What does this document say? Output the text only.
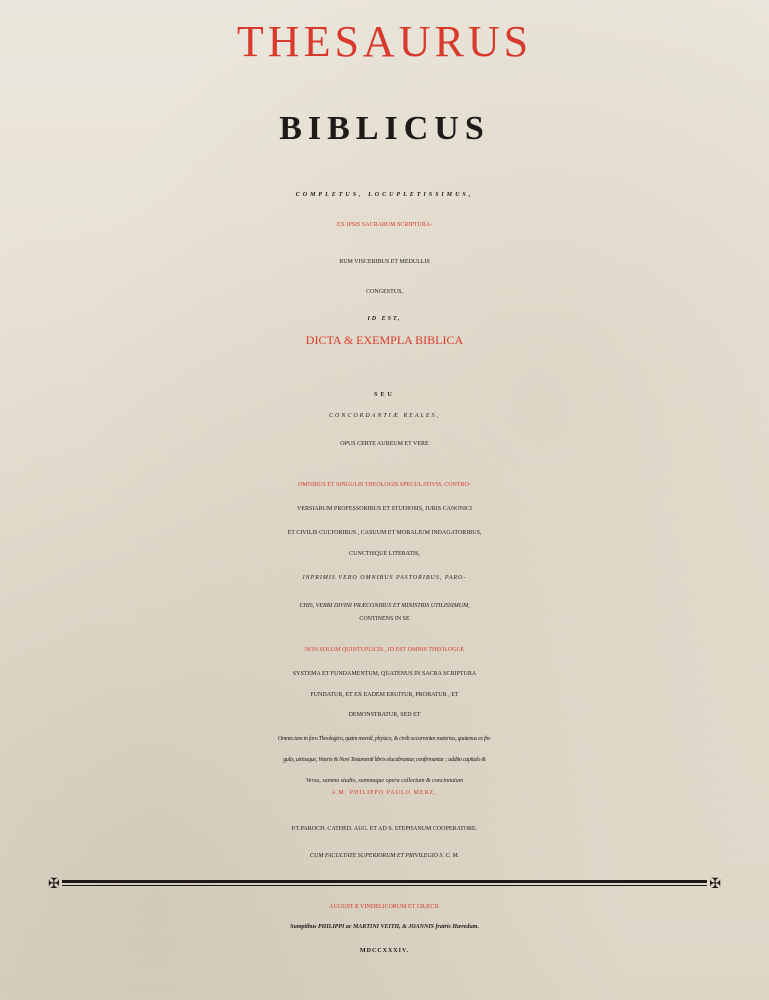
THESAURUS

BIBLICUS

COMPLETUS, LOCUPLETISSIMUS,

EX IPSIS SACRARUM SCRIPTURA-

RUM VISCERIBUS ET MEDULLIS

CONGESTUS,

ID EST,

DICTA & EXEMPLA BIBLICA

SEU

CONCORDANTIÆ REALES,

OPUS CERTE AUREUM ET VERE

OMNIBUS ET SINGULIS THEOLOGIS SPECULATIVIS, CONTRO-

VERSIARUM PROFESSORIBUS ET STUDIOSIS, JURIS CANONICI

ET CIVILIS CULTORIBUS , CASUUM ET MORALIUM INDAGATORIBUS,

CUNCTISQUE LITERATIS,

INPRIMIS VERO OMNIBUS PASTORIBUS, PARO-

CHIS, VERBI DIVINI PRÆCONIBUS ET MINISTRIS UTILISSIMUM,

CONTINENS IN SE

NON SOLUM QUINTUPLICIS , ID EST OMNIS THEOLOGIÆ

SYSTEMA ET FUNDAMENTUM, QUATENUS IN SACRA SCRIPTURA

FUNDATUR, ET EX EADEM ERUITUR, PROBATUR , ET

DEMONSTRATUR, SED ET

Omnes tam in foro Theologico, quàm morali, physico, & civili occurrentes materias, quatenus ex fin-

gulis, utriusque, Veteris & Novi Testamenti libris elucubrantur, confirmantur ; addito capitulo &

Versu, summo studio, summaque opera collectum & concinnatum

à M. PHILIPPO PAULO MERZ,

P.T.PAROCH. CATHED. AUG. ET AD S. STEPHANUM COOPERATORE.

CUM FACULTATE SUPERIORUM ET PRIVILEGIO S. C. M.

✠	✠

AUGUSTÆ VINDELICORUM ET GRÆCII.

Sumptibus PHILIPPI ac MARTINI VEITH, & JOANNIS fratris Hæredum.

MDCCXXXIV.
